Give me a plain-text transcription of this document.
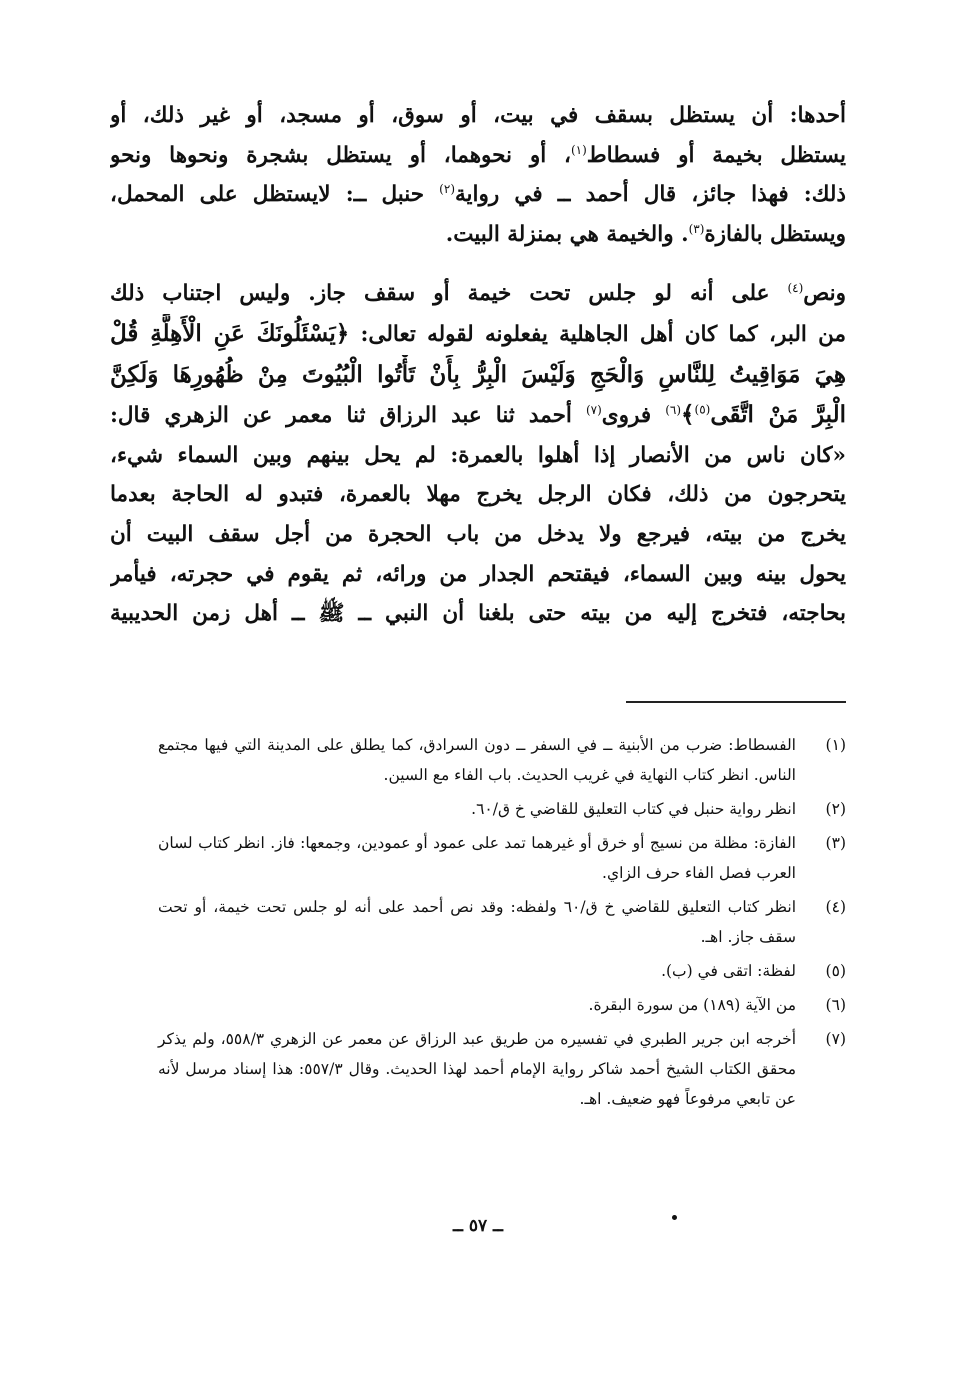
أحدها: أن يستظل بسقف في بيت، أو سوق، أو مسجد، أو غير ذلك، أو
يستظل بخيمة أو فسطاط$^{(١)}$، أو نحوهما، أو يستظل بشجرة ونحوها ونحو
ذلك: فهذا جائز، قال أحمد ــ في رواية$^{(٢)}$ حنبل ــ: لايستظل على المحمل،
ويستظل بالفازة$^{(٣)}$. والخيمة هي بمنزلة البيت.

ونص$^{(٤)}$ على أنه لو جلس تحت خيمة أو سقف جاز. وليس اجتناب ذلك
من البر، كما كان أهل الجاهلية يفعلونه لقوله تعالى: ﴿يَسْئَلُونَكَ عَنِ الْأَهِلَّةِ قُلْ
هِيَ مَوَاقِيتُ لِلنَّاسِ وَالْحَجِ وَلَيْسَ الْبِرُّ بِأَنْ تَأْتُوا الْبُيُوتَ مِنْ ظُهُورِهَا وَلَكِنَّ
الْبِرَّ مَنْ اتَّقَى$^{(٥)}$﴾$^{(٦)}$ فروى$^{(٧)}$ أحمد ثنا عبد الرزاق ثنا معمر عن الزهري قال:
«كان ناس من الأنصار إذا أهلوا بالعمرة: لم يحل بينهم وبين السماء شيء،
يتحرجون من ذلك، فكان الرجل يخرج مهلا بالعمرة، فتبدو له الحاجة بعدما
يخرج من بيته، فيرجع ولا يدخل من باب الحجرة من أجل سقف البيت أن
يحول بينه وبين السماء، فيقتحم الجدار من ورائه، ثم يقوم في حجرته، فيأمر
بحاجته، فتخرج إليه من بيته حتى بلغنا أن النبي ــ ﷺ ــ أهل زمن الحديبية

(١)
الفسطاط: ضرب من الأبنية ــ في السفر ــ دون السرادق، كما يطلق على المدينة التي فيها مجتمع الناس. انظر كتاب النهاية في غريب الحديث. باب الفاء مع السين.
(٢)
انظر رواية حنبل في كتاب التعليق للقاضي خ ق/٦٠.
(٣)
الفازة: مظلة من نسيج أو خرق أو غيرهما تمد على عمود أو عمودين، وجمعها: فاز. انظر كتاب لسان العرب فصل الفاء حرف الزاي.
(٤)
انظر كتاب التعليق للقاضي خ ق/٦٠ ولفظه: وقد نص أحمد على أنه لو جلس تحت خيمة، أو تحت سقف جاز. اهـ.
(٥)
لفظة: اتقى في (ب).
(٦)
من الآية (١٨٩) من سورة البقرة.
(٧)
أخرجه ابن جرير الطبري في تفسيره من طريق عبد الرزاق عن معمر عن الزهري ٥٥٨/٣، ولم يذكر محقق الكتاب الشيخ أحمد شاكر رواية الإمام أحمد لهذا الحديث. وقال ٥٥٧/٣: هذا إسناد مرسل لأنه عن تابعي مرفوعاً فهو ضعيف. اهـ.
ــ ٥٧ ــ
